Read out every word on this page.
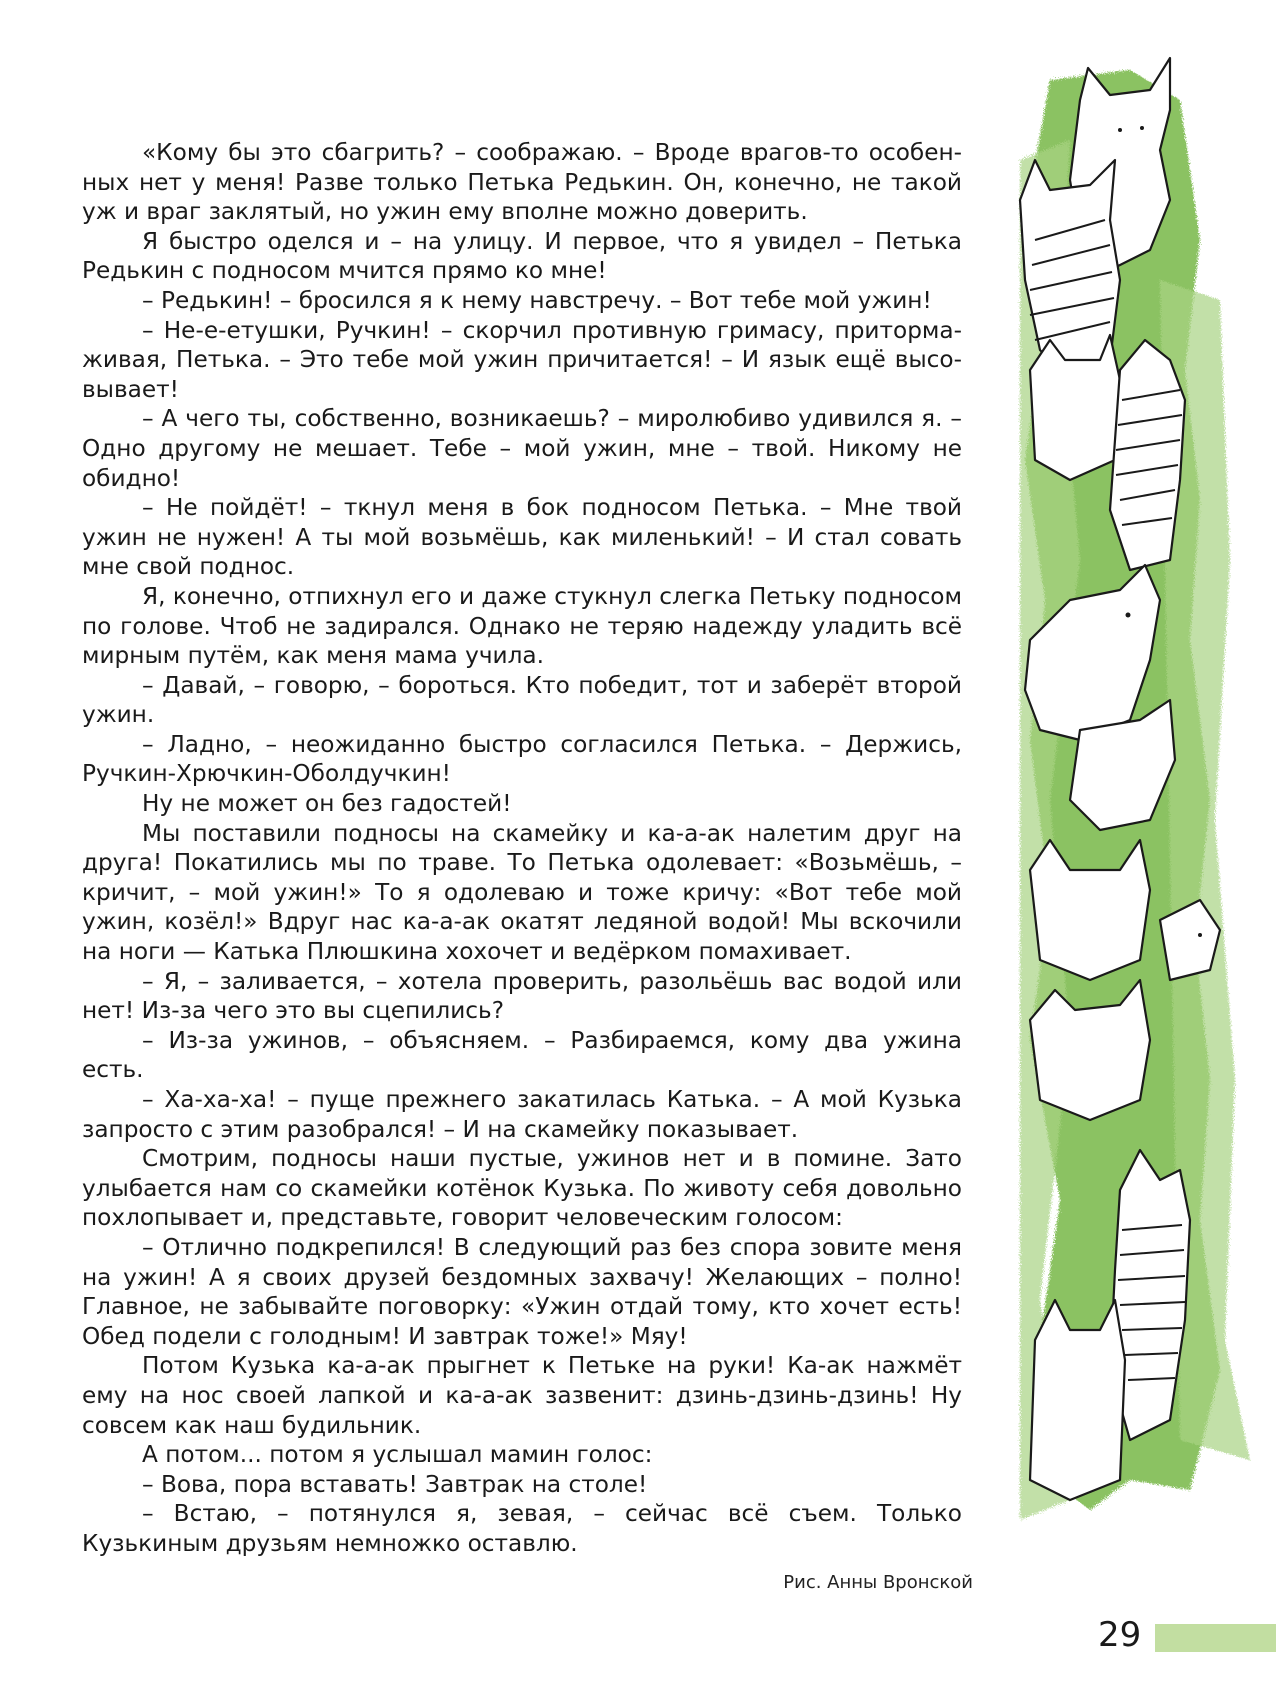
«Кому бы это сбагрить? – соображаю. – Вроде врагов-то особенных нет у меня! Разве только Петька Редькин. Он, конечно, не такой уж и враг заклятый, но ужин ему вполне можно доверить.

Я быстро оделся и – на улицу. И первое, что я увидел – Петька Редькин с подносом мчится прямо ко мне!

– Редькин! – бросился я к нему навстречу. – Вот тебе мой ужин!

– Не-е-етушки, Ручкин! – скорчил противную гримасу, притормаживая, Петька. – Это тебе мой ужин причитается! – И язык ещё высовывает!

– А чего ты, собственно, возникаешь? – миролюбиво удивился я. – Одно другому не мешает. Тебе – мой ужин, мне – твой. Никому не обидно!

– Не пойдёт! – ткнул меня в бок подносом Петька. – Мне твой ужин не нужен! А ты мой возьмёшь, как миленький! – И стал совать мне свой поднос.

Я, конечно, отпихнул его и даже стукнул слегка Петьку подносом по голове. Чтоб не задирался. Однако не теряю надежду уладить всё мирным путём, как меня мама учила.

– Давай, – говорю, – бороться. Кто победит, тот и заберёт второй ужин.

– Ладно, – неожиданно быстро согласился Петька. – Держись, Ручкин-Хрючкин-Оболдучкин!

Ну не может он без гадостей!

Мы поставили подносы на скамейку и ка-а-ак налетим друг на друга! Покатились мы по траве. То Петька одолевает: «Возьмёшь, – кричит, – мой ужин!» То я одолеваю и тоже кричу: «Вот тебе мой ужин, козёл!» Вдруг нас ка-а-ак окатят ледяной водой! Мы вскочили на ноги — Катька Плюшкина хохочет и ведёрком помахивает.

– Я, – заливается, – хотела проверить, разольёшь вас водой или нет! Из-за чего это вы сцепились?

– Из-за ужинов, – объясняем. – Разбираемся, кому два ужина есть.

– Ха-ха-ха! – пуще прежнего закатилась Катька. – А мой Кузька запросто с этим разобрался! – И на скамейку показывает.

Смотрим, подносы наши пустые, ужинов нет и в помине. Зато улыбается нам со скамейки котёнок Кузька. По животу себя довольно похлопывает и, представьте, говорит человеческим голосом:

– Отлично подкрепился! В следующий раз без спора зовите меня на ужин! А я своих друзей бездомных захвачу! Желающих – полно! Главное, не забывайте поговорку: «Ужин отдай тому, кто хочет есть! Обед подели с голодным! И завтрак тоже!» Мяу!

Потом Кузька ка-а-ак прыгнет к Петьке на руки! Ка-ак нажмёт ему на нос своей лапкой и ка-а-ак зазвенит: дзинь-дзинь-дзинь! Ну совсем как наш будильник.

А потом... потом я услышал мамин голос:

– Вова, пора вставать! Завтрак на столе!

– Встаю, – потянулся я, зевая, – сейчас всё съем. Только Кузькиным друзьям немножко оставлю.

Рис. Анны Вронской
29
